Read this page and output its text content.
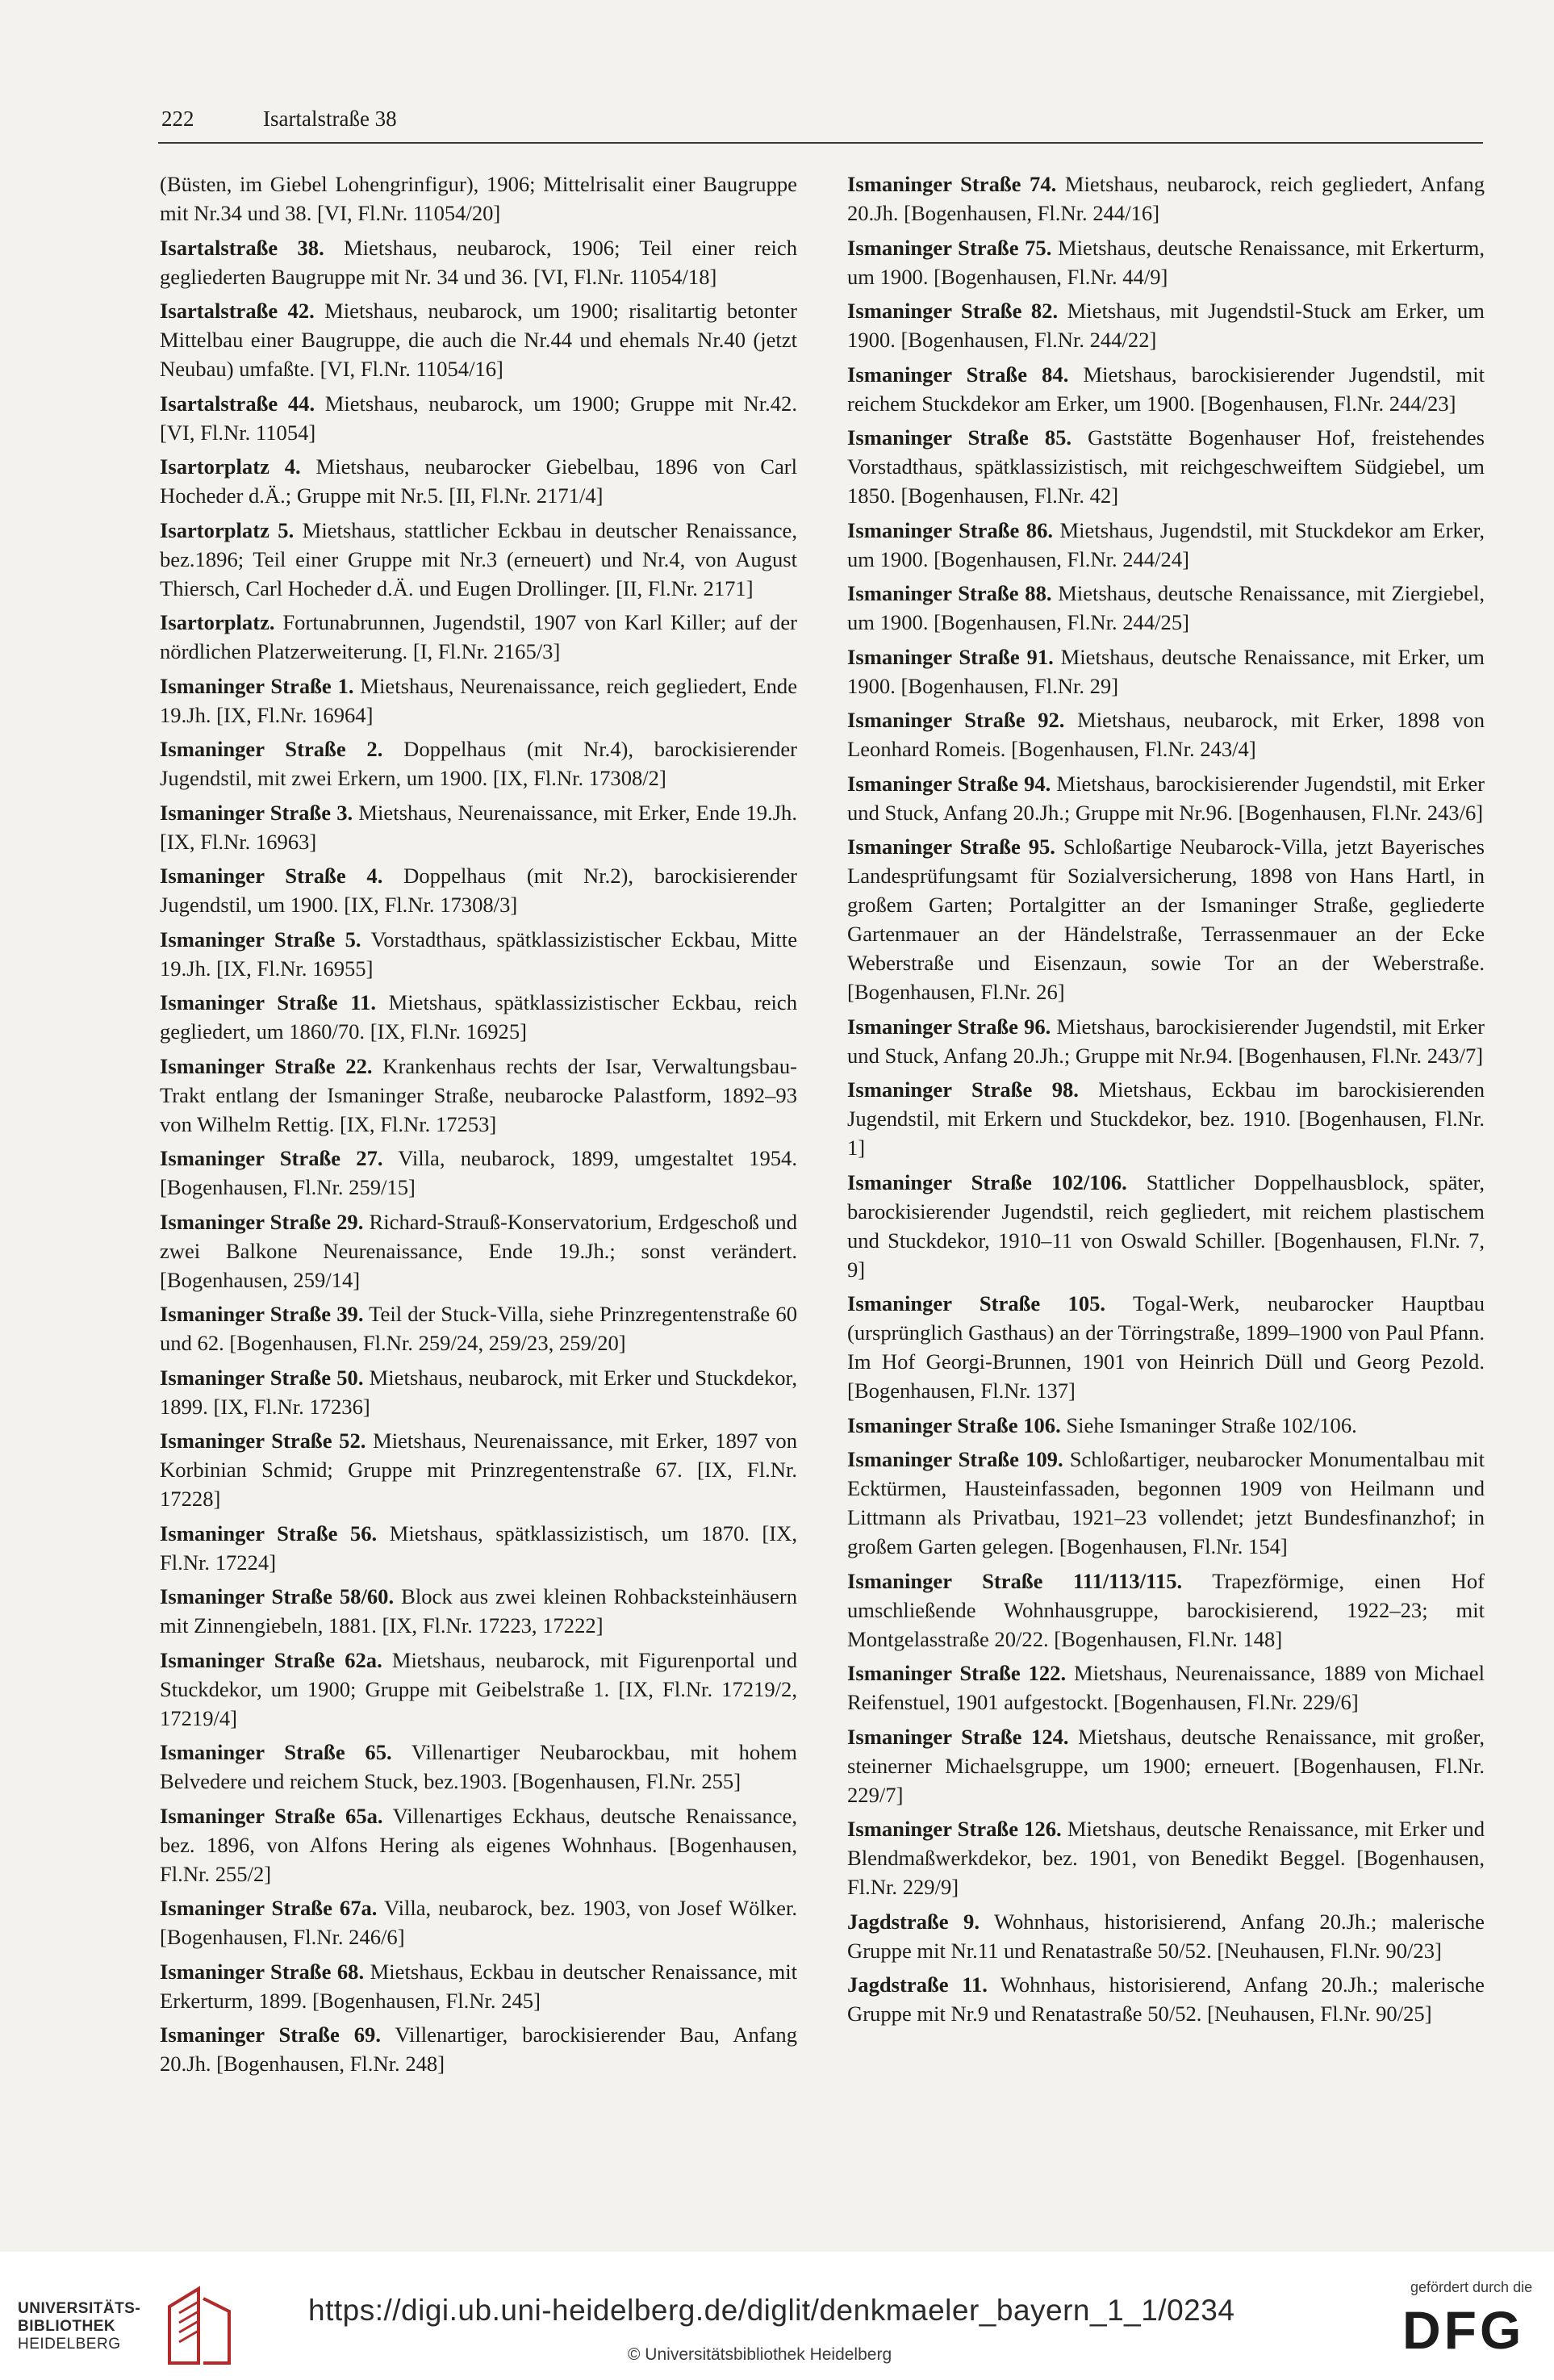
222	Isartalstraße 38

(Büsten, im Giebel Lohengrinfigur), 1906; Mittelrisalit einer Baugruppe mit Nr.34 und 38. [VI, Fl.Nr. 11054/20]

Isartalstraße 38. Mietshaus, neubarock, 1906; Teil einer reich gegliederten Baugruppe mit Nr. 34 und 36. [VI, Fl.Nr. 11054/18]

Isartalstraße 42. Mietshaus, neubarock, um 1900; risalitartig betonter Mittelbau einer Baugruppe, die auch die Nr.44 und ehemals Nr.40 (jetzt Neubau) umfaßte. [VI, Fl.Nr. 11054/16]

Isartalstraße 44. Mietshaus, neubarock, um 1900; Gruppe mit Nr.42. [VI, Fl.Nr. 11054]

Isartorplatz 4. Mietshaus, neubarocker Giebelbau, 1896 von Carl Hocheder d.Ä.; Gruppe mit Nr.5. [II, Fl.Nr. 2171/4]

Isartorplatz 5. Mietshaus, stattlicher Eckbau in deutscher Renaissance, bez.1896; Teil einer Gruppe mit Nr.3 (erneuert) und Nr.4, von August Thiersch, Carl Hocheder d.Ä. und Eugen Drollinger. [II, Fl.Nr. 2171]

Isartorplatz. Fortunabrunnen, Jugendstil, 1907 von Karl Killer; auf der nördlichen Platzerweiterung. [I, Fl.Nr. 2165/3]

Ismaninger Straße 1. Mietshaus, Neurenaissance, reich gegliedert, Ende 19.Jh. [IX, Fl.Nr. 16964]

Ismaninger Straße 2. Doppelhaus (mit Nr.4), barockisierender Jugendstil, mit zwei Erkern, um 1900. [IX, Fl.Nr. 17308/2]

Ismaninger Straße 3. Mietshaus, Neurenaissance, mit Erker, Ende 19.Jh. [IX, Fl.Nr. 16963]

Ismaninger Straße 4. Doppelhaus (mit Nr.2), barockisierender Jugendstil, um 1900. [IX, Fl.Nr. 17308/3]

Ismaninger Straße 5. Vorstadthaus, spätklassizistischer Eckbau, Mitte 19.Jh. [IX, Fl.Nr. 16955]

Ismaninger Straße 11. Mietshaus, spätklassizistischer Eckbau, reich gegliedert, um 1860/70. [IX, Fl.Nr. 16925]

Ismaninger Straße 22. Krankenhaus rechts der Isar, Verwaltungsbau-Trakt entlang der Ismaninger Straße, neubarocke Palastform, 1892–93 von Wilhelm Rettig. [IX, Fl.Nr. 17253]

Ismaninger Straße 27. Villa, neubarock, 1899, umgestaltet 1954. [Bogenhausen, Fl.Nr. 259/15]

Ismaninger Straße 29. Richard-Strauß-Konservatorium, Erdgeschoß und zwei Balkone Neurenaissance, Ende 19.Jh.; sonst verändert. [Bogenhausen, 259/14]

Ismaninger Straße 39. Teil der Stuck-Villa, siehe Prinzregentenstraße 60 und 62. [Bogenhausen, Fl.Nr. 259/24, 259/23, 259/20]

Ismaninger Straße 50. Mietshaus, neubarock, mit Erker und Stuckdekor, 1899. [IX, Fl.Nr. 17236]

Ismaninger Straße 52. Mietshaus, Neurenaissance, mit Erker, 1897 von Korbinian Schmid; Gruppe mit Prinzregentenstraße 67. [IX, Fl.Nr. 17228]

Ismaninger Straße 56. Mietshaus, spätklassizistisch, um 1870. [IX, Fl.Nr. 17224]

Ismaninger Straße 58/60. Block aus zwei kleinen Rohbacksteinhäusern mit Zinnengiebeln, 1881. [IX, Fl.Nr. 17223, 17222]

Ismaninger Straße 62a. Mietshaus, neubarock, mit Figurenportal und Stuckdekor, um 1900; Gruppe mit Geibelstraße 1. [IX, Fl.Nr. 17219/2, 17219/4]

Ismaninger Straße 65. Villenartiger Neubarockbau, mit hohem Belvedere und reichem Stuck, bez.1903. [Bogenhausen, Fl.Nr. 255]

Ismaninger Straße 65a. Villenartiges Eckhaus, deutsche Renaissance, bez. 1896, von Alfons Hering als eigenes Wohnhaus. [Bogenhausen, Fl.Nr. 255/2]

Ismaninger Straße 67a. Villa, neubarock, bez. 1903, von Josef Wölker. [Bogenhausen, Fl.Nr. 246/6]

Ismaninger Straße 68. Mietshaus, Eckbau in deutscher Renaissance, mit Erkerturm, 1899. [Bogenhausen, Fl.Nr. 245]

Ismaninger Straße 69. Villenartiger, barockisierender Bau, Anfang 20.Jh. [Bogenhausen, Fl.Nr. 248]

Ismaninger Straße 74. Mietshaus, neubarock, reich gegliedert, Anfang 20.Jh. [Bogenhausen, Fl.Nr. 244/16]

Ismaninger Straße 75. Mietshaus, deutsche Renaissance, mit Erkerturm, um 1900. [Bogenhausen, Fl.Nr. 44/9]

Ismaninger Straße 82. Mietshaus, mit Jugendstil-Stuck am Erker, um 1900. [Bogenhausen, Fl.Nr. 244/22]

Ismaninger Straße 84. Mietshaus, barockisierender Jugendstil, mit reichem Stuckdekor am Erker, um 1900. [Bogenhausen, Fl.Nr. 244/23]

Ismaninger Straße 85. Gaststätte Bogenhauser Hof, freistehendes Vorstadthaus, spätklassizistisch, mit reichgeschweiftem Südgiebel, um 1850. [Bogenhausen, Fl.Nr. 42]

Ismaninger Straße 86. Mietshaus, Jugendstil, mit Stuckdekor am Erker, um 1900. [Bogenhausen, Fl.Nr. 244/24]

Ismaninger Straße 88. Mietshaus, deutsche Renaissance, mit Ziergiebel, um 1900. [Bogenhausen, Fl.Nr. 244/25]

Ismaninger Straße 91. Mietshaus, deutsche Renaissance, mit Erker, um 1900. [Bogenhausen, Fl.Nr. 29]

Ismaninger Straße 92. Mietshaus, neubarock, mit Erker, 1898 von Leonhard Romeis. [Bogenhausen, Fl.Nr. 243/4]

Ismaninger Straße 94. Mietshaus, barockisierender Jugendstil, mit Erker und Stuck, Anfang 20.Jh.; Gruppe mit Nr.96. [Bogenhausen, Fl.Nr. 243/6]

Ismaninger Straße 95. Schloßartige Neubarock-Villa, jetzt Bayerisches Landesprüfungsamt für Sozialversicherung, 1898 von Hans Hartl, in großem Garten; Portalgitter an der Ismaninger Straße, gegliederte Gartenmauer an der Händelstraße, Terrassenmauer an der Ecke Weberstraße und Eisenzaun, sowie Tor an der Weberstraße. [Bogenhausen, Fl.Nr. 26]

Ismaninger Straße 96. Mietshaus, barockisierender Jugendstil, mit Erker und Stuck, Anfang 20.Jh.; Gruppe mit Nr.94. [Bogenhausen, Fl.Nr. 243/7]

Ismaninger Straße 98. Mietshaus, Eckbau im barockisierenden Jugendstil, mit Erkern und Stuckdekor, bez. 1910. [Bogenhausen, Fl.Nr. 1]

Ismaninger Straße 102/106. Stattlicher Doppelhausblock, später, barockisierender Jugendstil, reich gegliedert, mit reichem plastischem und Stuckdekor, 1910–11 von Oswald Schiller. [Bogenhausen, Fl.Nr. 7, 9]

Ismaninger Straße 105. Togal-Werk, neubarocker Hauptbau (ursprünglich Gasthaus) an der Törringstraße, 1899–1900 von Paul Pfann. Im Hof Georgi-Brunnen, 1901 von Heinrich Düll und Georg Pezold. [Bogenhausen, Fl.Nr. 137]

Ismaninger Straße 106. Siehe Ismaninger Straße 102/106.

Ismaninger Straße 109. Schloßartiger, neubarocker Monumentalbau mit Ecktürmen, Hausteinfassaden, begonnen 1909 von Heilmann und Littmann als Privatbau, 1921–23 vollendet; jetzt Bundesfinanzhof; in großem Garten gelegen. [Bogenhausen, Fl.Nr. 154]

Ismaninger Straße 111/113/115. Trapezförmige, einen Hof umschließende Wohnhausgruppe, barockisierend, 1922–23; mit Montgelasstraße 20/22. [Bogenhausen, Fl.Nr. 148]

Ismaninger Straße 122. Mietshaus, Neurenaissance, 1889 von Michael Reifenstuel, 1901 aufgestockt. [Bogenhausen, Fl.Nr. 229/6]

Ismaninger Straße 124. Mietshaus, deutsche Renaissance, mit großer, steinerner Michaelsgruppe, um 1900; erneuert. [Bogenhausen, Fl.Nr. 229/7]

Ismaninger Straße 126. Mietshaus, deutsche Renaissance, mit Erker und Blendmaßwerkdekor, bez. 1901, von Benedikt Beggel. [Bogenhausen, Fl.Nr. 229/9]

Jagdstraße 9. Wohnhaus, historisierend, Anfang 20.Jh.; malerische Gruppe mit Nr.11 und Renatastraße 50/52. [Neuhausen, Fl.Nr. 90/23]

Jagdstraße 11. Wohnhaus, historisierend, Anfang 20.Jh.; malerische Gruppe mit Nr.9 und Renatastraße 50/52. [Neuhausen, Fl.Nr. 90/25]

UNIVERSITÄTS-
BIBLIOTHEK
HEIDELBERG
https://digi.ub.uni-heidelberg.de/diglit/denkmaeler_bayern_1_1/0234
© Universitätsbibliothek Heidelberg
gefördert durch die
DFG
